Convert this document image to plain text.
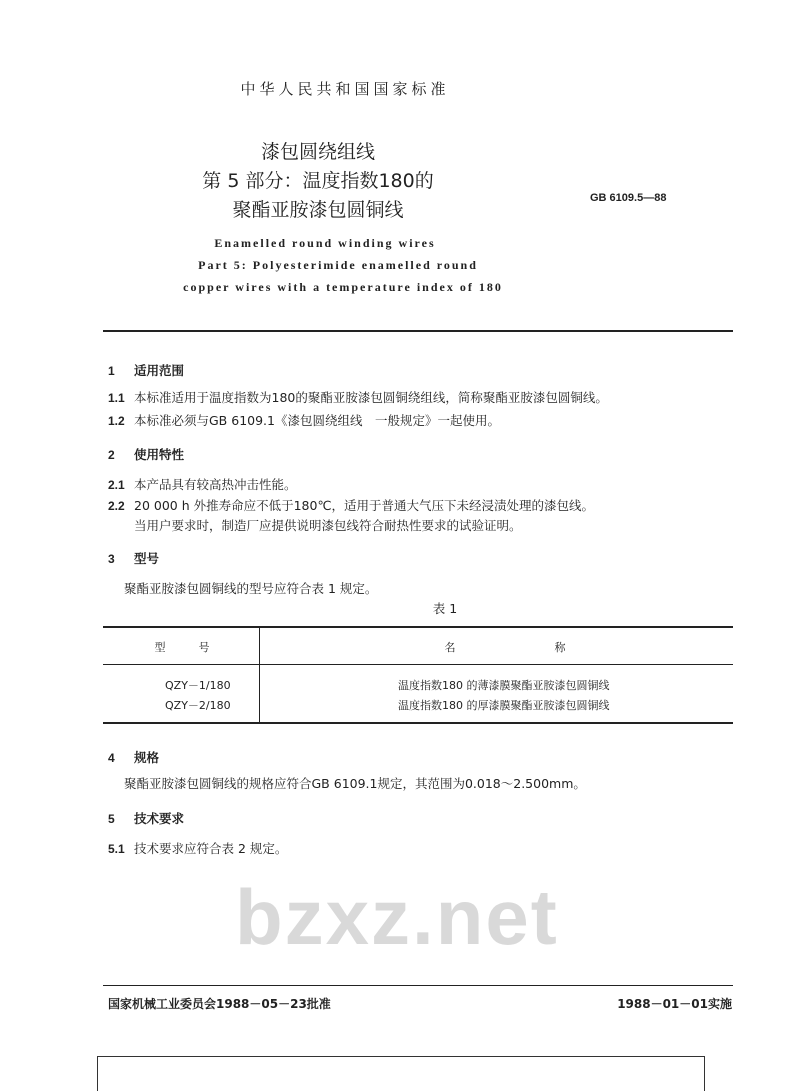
bzxz.net
中华人民共和国国家标准
漆包圆绕组线
第 5 部分：温度指数180的
聚酯亚胺漆包圆铜线
GB 6109.5—88
Enamelled round winding wires
Part 5: Polyesterimide enamelled round
copper wires with a temperature index of 180
1 适用范围
1.1 本标准适用于温度指数为180的聚酯亚胺漆包圆铜绕组线，简称聚酯亚胺漆包圆铜线。
1.2 本标准必须与GB 6109.1《漆包圆绕组线　一般规定》一起使用。
2 使用特性
2.1 本产品具有较高热冲击性能。
2.2 20 000 h 外推寿命应不低于180℃，适用于普通大气压下未经浸渍处理的漆包线。
当用户要求时，制造厂应提供说明漆包线符合耐热性要求的试验证明。
3 型号
聚酯亚胺漆包圆铜线的型号应符合表 1 规定。
表 1
型　　　号	名　　　　　　　　　称
QZY－1/180	温度指数180 的薄漆膜聚酯亚胺漆包圆铜线
QZY－2/180	温度指数180 的厚漆膜聚酯亚胺漆包圆铜线
4 规格
聚酯亚胺漆包圆铜线的规格应符合GB 6109.1规定，其范围为0.018～2.500mm。
5 技术要求
5.1 技术要求应符合表 2 规定。
国家机械工业委员会1988－05－23批准	1988－01－01实施
